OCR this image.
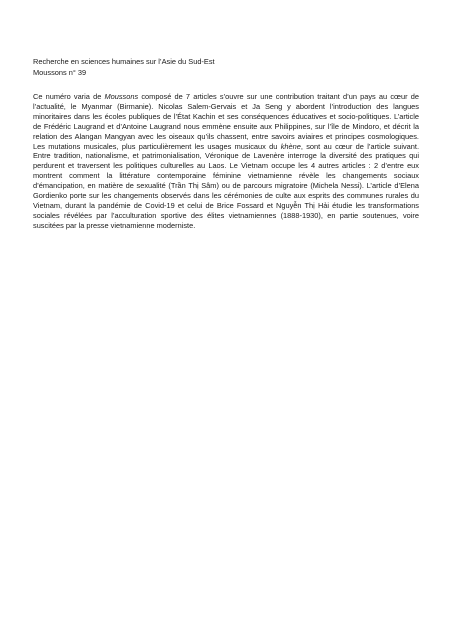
Recherche en sciences humaines sur l’Asie du Sud-Est

Moussons n° 39

Ce numéro varia de Moussons composé de 7 articles s’ouvre sur une contribution traitant d’un pays au cœur de l’actualité, le Myanmar (Birmanie). Nicolas Salem-Gervais et Ja Seng y abordent l’introduction des langues minoritaires dans les écoles publiques de l’État Kachin et ses conséquences éducatives et socio-politiques. L’article de Frédéric Laugrand et d’Antoine Laugrand nous emmène ensuite aux Philippines, sur l’île de Mindoro, et décrit la relation des Alangan Mangyan avec les oiseaux qu’ils chassent, entre savoirs aviaires et principes cosmologiques. Les mutations musicales, plus particulièrement les usages musicaux du khène, sont au cœur de l’article suivant. Entre tradition, nationalisme, et patrimonialisation, Véronique de Lavenère interroge la diversité des pratiques qui perdurent et traversent les politiques culturelles au Laos. Le Vietnam occupe les 4 autres articles : 2 d’entre eux montrent comment la littérature contemporaine féminine vietnamienne révèle les changements sociaux d’émancipation, en matière de sexualité (Trần Thị Sâm) ou de parcours migratoire (Michela Nessi). L’article d’Elena Gordienko porte sur les changements observés dans les cérémonies de culte aux esprits des communes rurales du Vietnam, durant la pandémie de Covid-19 et celui de Brice Fossard et Nguyễn Thị Hải étudie les transformations sociales révélées par l’acculturation sportive des élites vietnamiennes (1888-1930), en partie soutenues, voire suscitées par la presse vietnamienne moderniste.
